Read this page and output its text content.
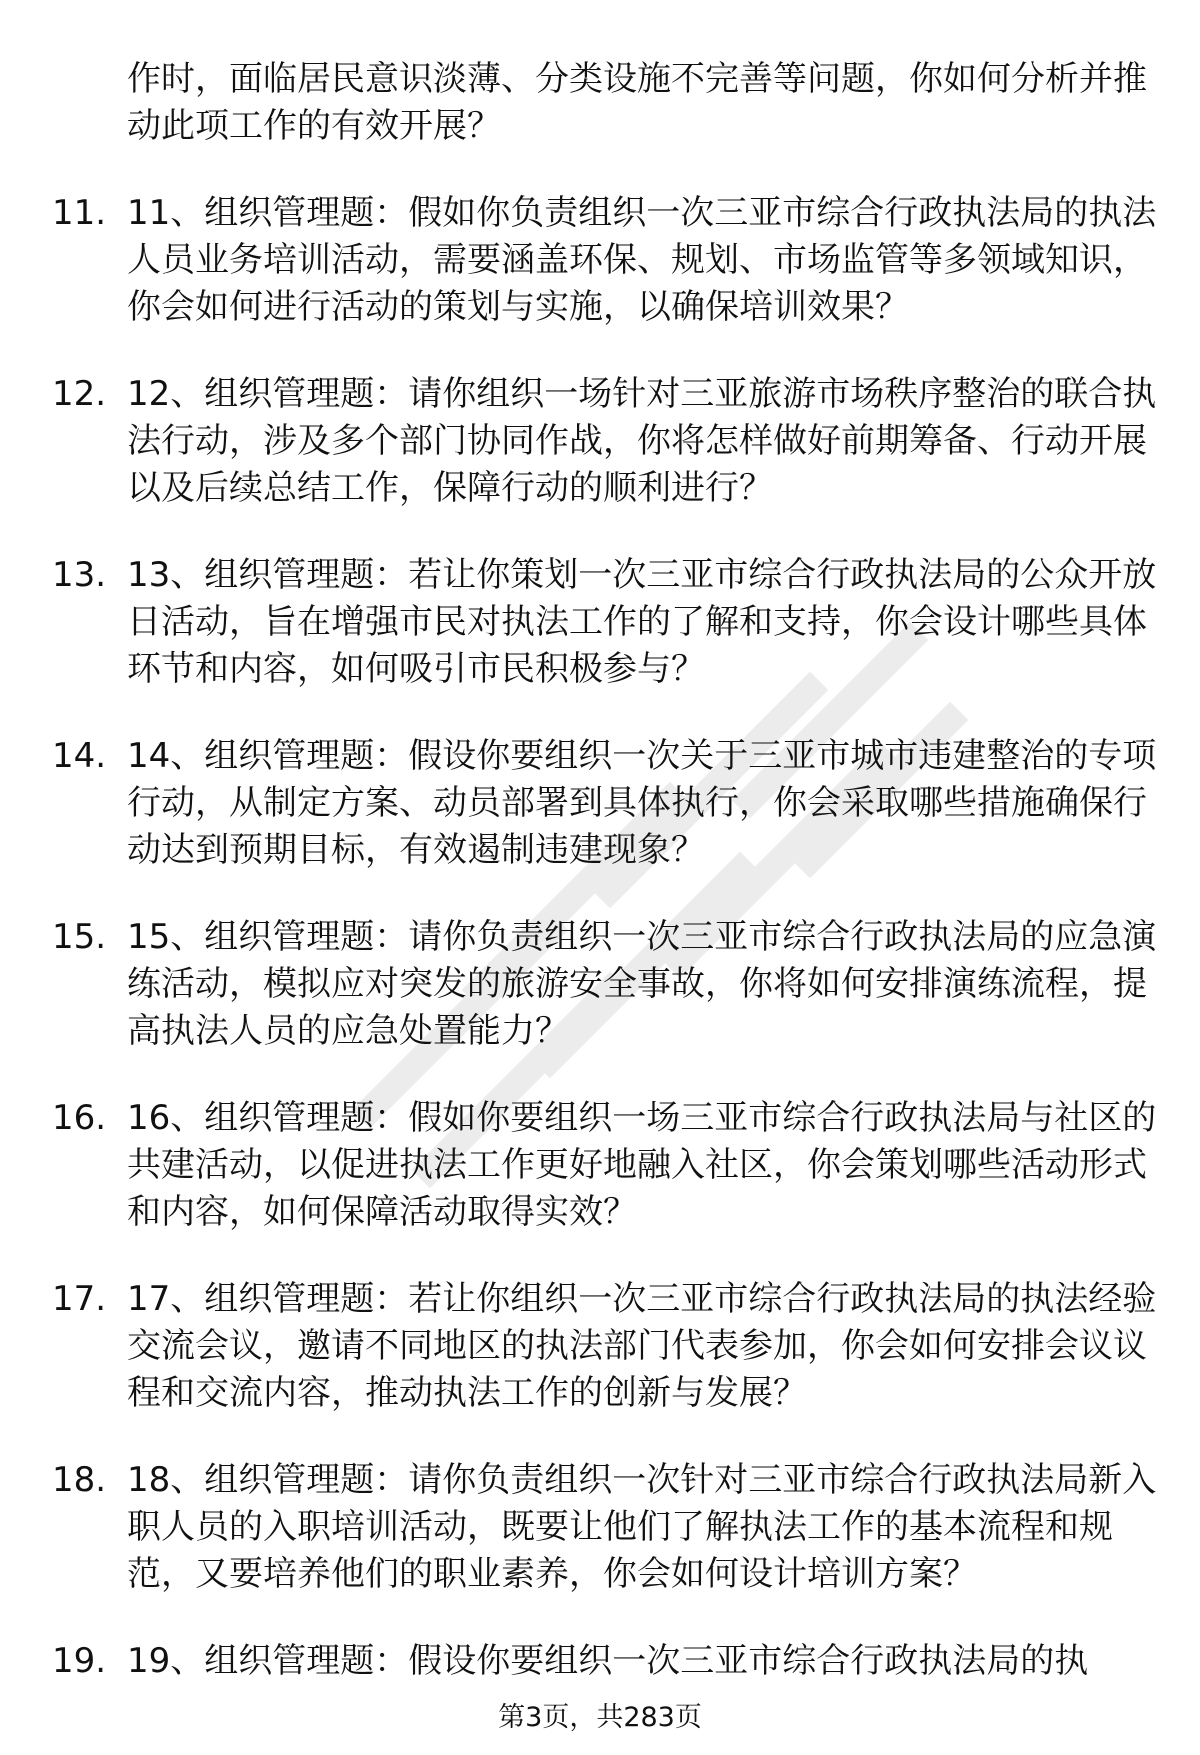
作时，面临居民意识淡薄、分类设施不完善等问题，你如何分析并推动此项工作的有效开展？
11. 11、组织管理题：假如你负责组织一次三亚市综合行政执法局的执法人员业务培训活动，需要涵盖环保、规划、市场监管等多领域知识，你会如何进行活动的策划与实施，以确保培训效果？
12. 12、组织管理题：请你组织一场针对三亚旅游市场秩序整治的联合执法行动，涉及多个部门协同作战，你将怎样做好前期筹备、行动开展以及后续总结工作，保障行动的顺利进行？
13. 13、组织管理题：若让你策划一次三亚市综合行政执法局的公众开放日活动，旨在增强市民对执法工作的了解和支持，你会设计哪些具体环节和内容，如何吸引市民积极参与？
14. 14、组织管理题：假设你要组织一次关于三亚市城市违建整治的专项行动，从制定方案、动员部署到具体执行，你会采取哪些措施确保行动达到预期目标，有效遏制违建现象？
15. 15、组织管理题：请你负责组织一次三亚市综合行政执法局的应急演练活动，模拟应对突发的旅游安全事故，你将如何安排演练流程，提高执法人员的应急处置能力？
16. 16、组织管理题：假如你要组织一场三亚市综合行政执法局与社区的共建活动，以促进执法工作更好地融入社区，你会策划哪些活动形式和内容，如何保障活动取得实效？
17. 17、组织管理题：若让你组织一次三亚市综合行政执法局的执法经验交流会议，邀请不同地区的执法部门代表参加，你会如何安排会议议程和交流内容，推动执法工作的创新与发展？
18. 18、组织管理题：请你负责组织一次针对三亚市综合行政执法局新入职人员的入职培训活动，既要让他们了解执法工作的基本流程和规范，又要培养他们的职业素养，你会如何设计培训方案？
19. 19、组织管理题：假设你要组织一次三亚市综合行政执法局的执
第3页，共283页
